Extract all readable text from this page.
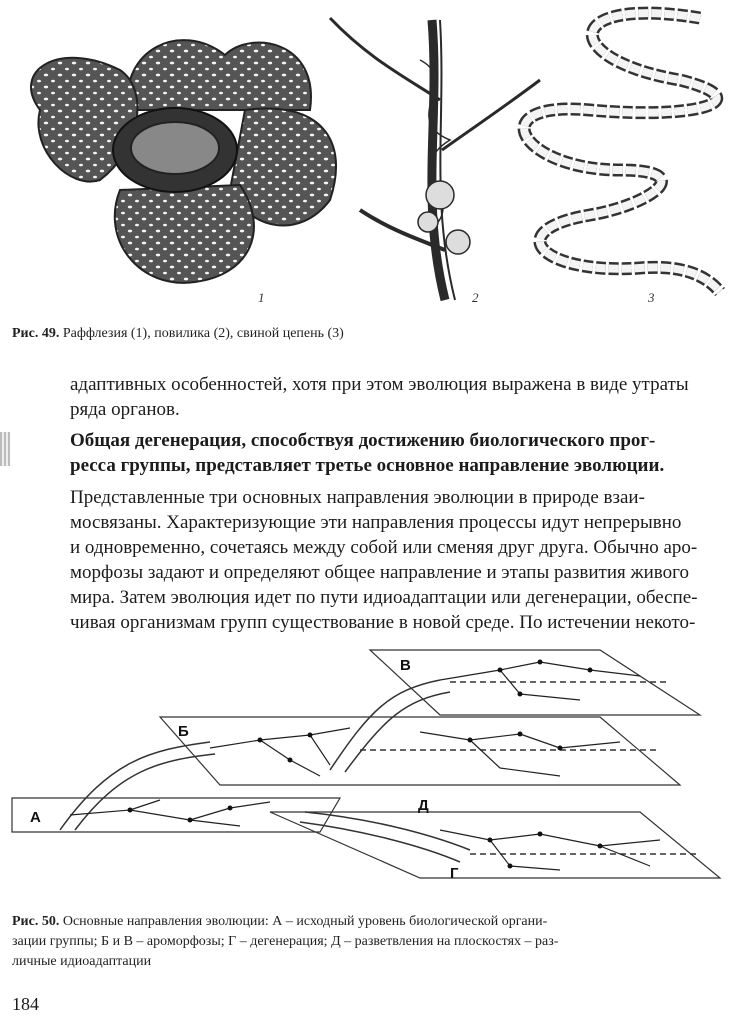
1	2	3
Рис. 49. Раффлезия (1), повилика (2), свиной цепень (3)
адаптивных особенностей, хотя при этом эволюция выражена в виде утраты
ряда органов.
Общая дегенерация, способствуя достижению биологического прог-
ресса группы, представляет третье основное направление эволюции.
Представленные три основных направления эволюции в природе взаи-
мосвязаны. Характеризующие эти направления процессы идут непрерывно
и одновременно, сочетаясь между собой или сменяя друг друга. Обычно аро-
морфозы задают и определяют общее направление и этапы развития живого
мира. Затем эволюция идет по пути идиоадаптации или дегенерации, обеспе-
чивая организмам групп существование в новой среде. По истечении некото-
А
Б
В
Г
Д
Рис. 50. Основные направления эволюции: А – исходный уровень биологической органи-
зации группы; Б и В – ароморфозы; Г – дегенерация; Д – разветвления на плоскостях – раз-
личные идиоадаптации
184
